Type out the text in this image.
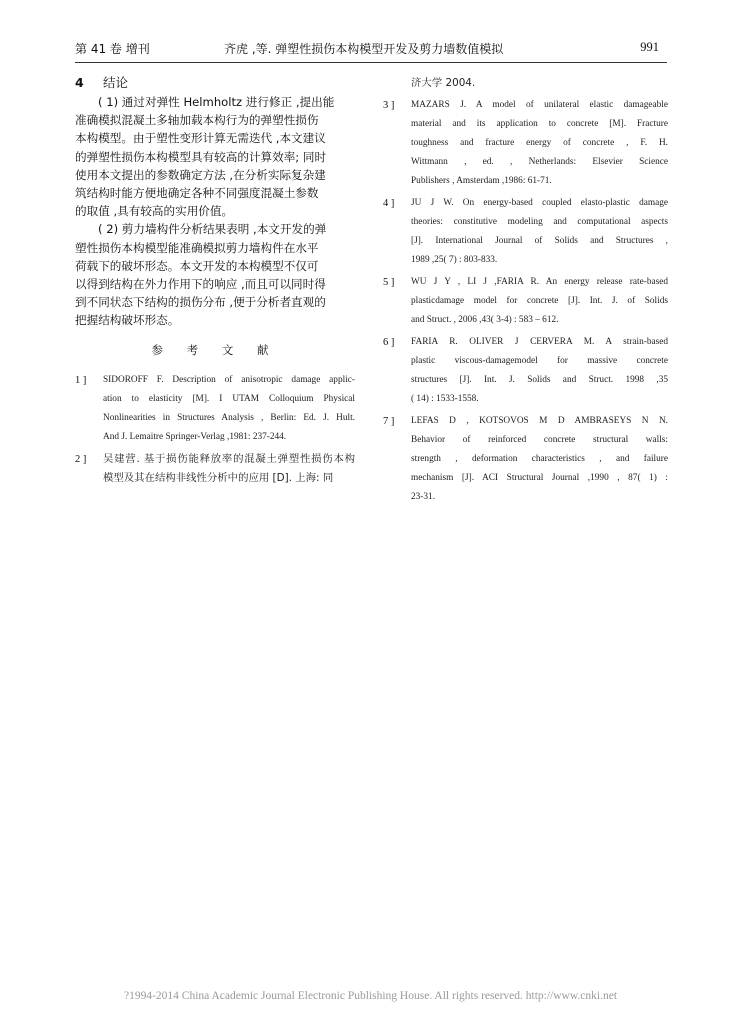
第 41 卷 增刊	齐虎 ,等. 弹塑性损伤本构模型开发及剪力墙数值模拟	991
4 结论
( 1) 通过对弹性 Helmholtz 进行修正 ,提出能
准确模拟混凝土多轴加载本构行为的弹塑性损伤
本构模型。由于塑性变形计算无需迭代 ,本文建议
的弹塑性损伤本构模型具有较高的计算效率; 同时
使用本文提出的参数确定方法 ,在分析实际复杂建
筑结构时能方便地确定各种不同强度混凝土参数
的取值 ,具有较高的实用价值。
( 2) 剪力墙构件分析结果表明 ,本文开发的弹
塑性损伤本构模型能准确模拟剪力墙构件在水平
荷载下的破坏形态。本文开发的本构模型不仅可
以得到结构在外力作用下的响应 ,而且可以同时得
到不同状态下结构的损伤分布 ,便于分析者直观的
把握结构破坏形态。
参 考 文 献
1 ] SIDOROFF F. Description of anisotropic damage applic-
ation to elasticity [M]. I UTAM Colloquium Physical
Nonlinearities in Structures Analysis , Berlin: Ed. J. Hult.
And J. Lemaitre Springer-Verlag ,1981: 237-244.
2 ] 吴建营. 基于损伤能释放率的混凝土弹塑性损伤本构
模型及其在结构非线性分析中的应用 [D]. 上海: 同
济大学 2004.
3 ] MAZARS J. A model of unilateral elastic damageable
material and its application to concrete [M]. Fracture
toughness and fracture energy of concrete , F. H.
Wittmann , ed. , Netherlands: Elsevier Science
Publishers , Amsterdam ,1986: 61-71.
4 ] JU J W. On energy-based coupled elasto-plastic damage
theories: constitutive modeling and computational aspects
[J]. International Journal of Solids and Structures ,
1989 ,25( 7) : 803-833.
5 ] WU J Y , LI J ,FARIA R. An energy release rate-based
plasticdamage model for concrete [J]. Int. J. of Solids
and Struct. , 2006 ,43( 3-4) : 583 – 612.
6 ] FARIA R. OLIVER J CERVERA M. A strain-based
plastic viscous-damagemodel for massive concrete
structures [J]. Int. J. Solids and Struct. 1998 ,35
( 14) : 1533-1558.
7 ] LEFAS D , KOTSOVOS M D AMBRASEYS N N.
Behavior of reinforced concrete structural walls:
strength , deformation characteristics , and failure
mechanism [J]. ACI Structural Journal ,1990 , 87( 1) :
23-31.
?1994-2014 China Academic Journal Electronic Publishing House. All rights reserved. http://www.cnki.net
